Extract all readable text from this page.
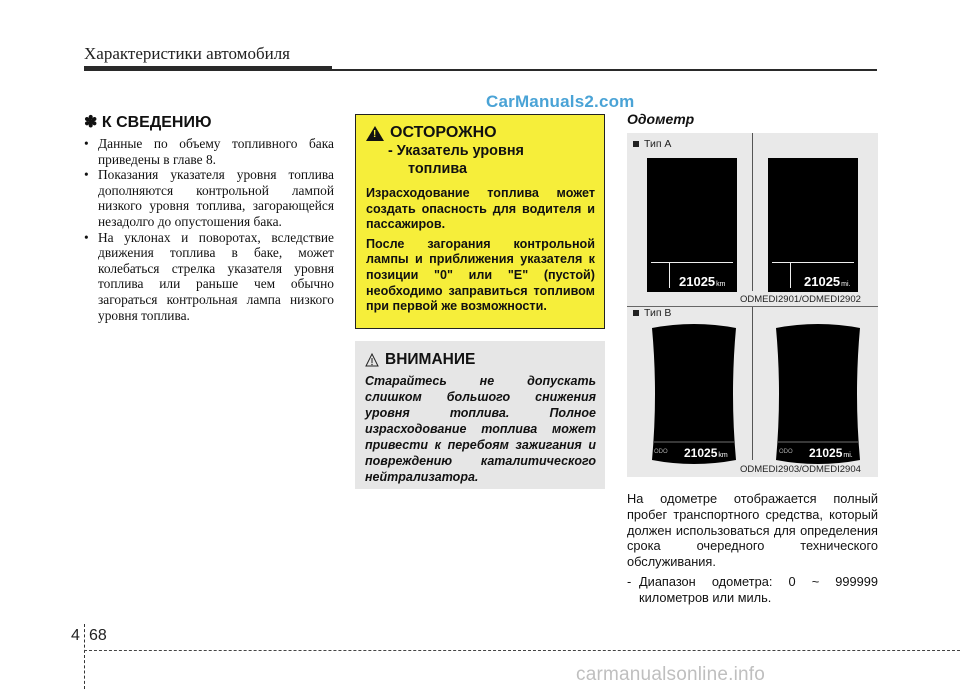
Характеристики автомобиля
CarManuals2.com
✽ К СВЕДЕНИЮ
• Данные по объему топливного бака приведены в главе 8.
• Показания указателя уровня топлива дополняются контрольной лампой низкого уровня топлива, загорающейся незадолго до опустошения бака.
• На уклонах и поворотах, вследствие движения топлива в баке, может колебаться стрелка указателя уровня топлива или раньше чем обычно загораться контрольная лампа низкого уровня топлива.
! ОСТОРОЖНО
- Указатель уровня
топлива

Израсходование топлива может создать опасность для водителя и пассажиров.

После загорания контрольной лампы и приближения указателя к позиции "0" или "E" (пустой) необходимо заправиться топливом при первой же возможности.

ВНИМАНИЕ
Старайтесь не допускать слишком большого снижения уровня топлива. Полное израсходование топлива может привести к перебоям зажигания и повреждению каталитического нейтрализатора.
Одометр
Тип A
21025km	21025mi.
ODMEDI2901/ODMEDI2902
Тип B
ODO 21025km	ODO 21025mi.
ODMEDI2903/ODMEDI2904

На одометре отображается полный пробег транспортного средства, который должен использоваться для определения срока очередного технического обслуживания.

- Диапазон одометра: 0 ~ 999999 километров или миль.
4 68
carmanualsonline.info
